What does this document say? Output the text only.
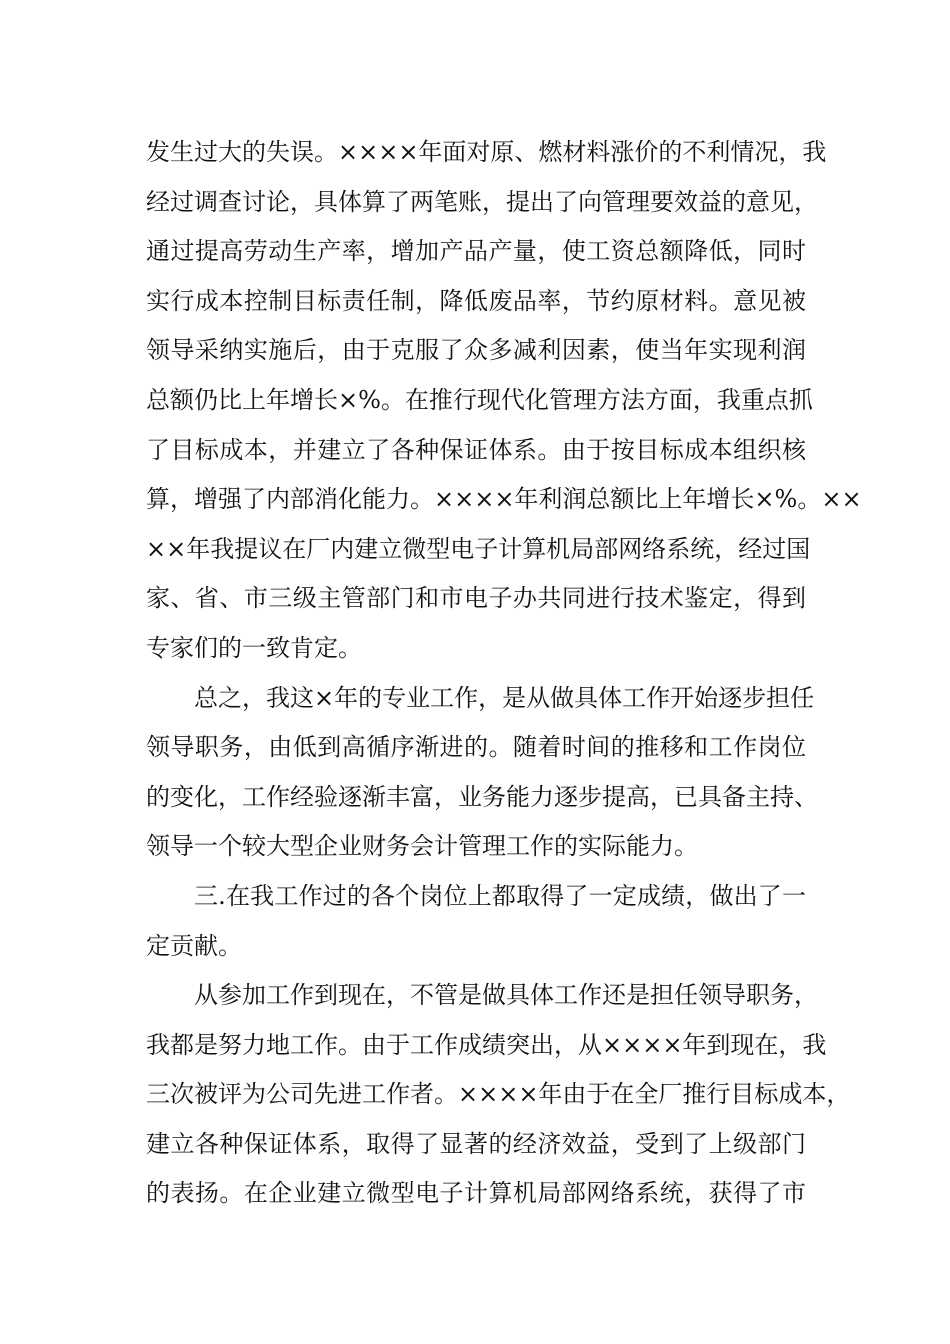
发生过大的失误。××××年面对原、燃材料涨价的不利情况，我
经过调查讨论，具体算了两笔账，提出了向管理要效益的意见，
通过提高劳动生产率，增加产品产量，使工资总额降低，同时
实行成本控制目标责任制，降低废品率，节约原材料。意见被
领导采纳实施后，由于克服了众多减利因素，使当年实现利润
总额仍比上年增长×%。在推行现代化管理方法方面，我重点抓
了目标成本，并建立了各种保证体系。由于按目标成本组织核
算，增强了内部消化能力。××××年利润总额比上年增长×%。××
××年我提议在厂内建立微型电子计算机局部网络系统，经过国
家、省、市三级主管部门和市电子办共同进行技术鉴定，得到
专家们的一致肯定。
总之，我这×年的专业工作，是从做具体工作开始逐步担任
领导职务，由低到高循序渐进的。随着时间的推移和工作岗位
的变化，工作经验逐渐丰富，业务能力逐步提高，已具备主持、
领导一个较大型企业财务会计管理工作的实际能力。
三.在我工作过的各个岗位上都取得了一定成绩，做出了一
定贡献。
从参加工作到现在，不管是做具体工作还是担任领导职务，
我都是努力地工作。由于工作成绩突出，从××××年到现在，我
三次被评为公司先进工作者。××××年由于在全厂推行目标成本，
建立各种保证体系，取得了显著的经济效益，受到了上级部门
的表扬。在企业建立微型电子计算机局部网络系统，获得了市
